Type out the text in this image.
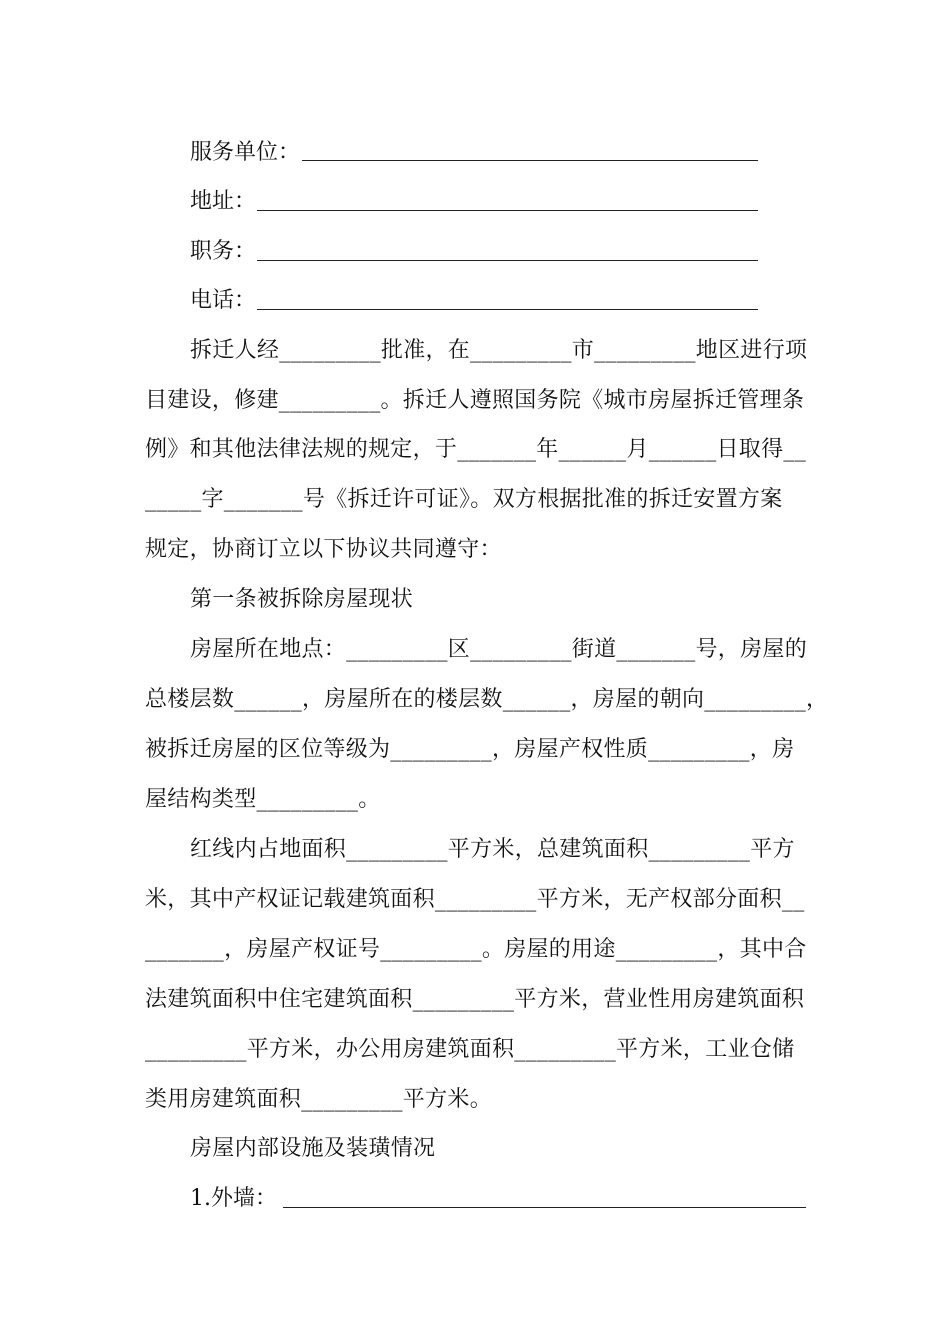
服务单位：
地址：
职务：
电话：
拆迁人经_________批准，在_________市_________地区进行项
目建设，修建_________。拆迁人遵照国务院《城市房屋拆迁管理条
例》和其他法律法规的规定，于_______年______月______日取得__
_____字_______号《拆迁许可证》。双方根据批准的拆迁安置方案
规定，协商订立以下协议共同遵守：
第一条被拆除房屋现状
房屋所在地点：_________区_________街道_______号，房屋的
总楼层数______，房屋所在的楼层数______，房屋的朝向_________，
被拆迁房屋的区位等级为_________，房屋产权性质_________，房
屋结构类型_________。
红线内占地面积_________平方米，总建筑面积_________平方
米，其中产权证记载建筑面积_________平方米，无产权部分面积__
_______，房屋产权证号_________。房屋的用途_________，其中合
法建筑面积中住宅建筑面积_________平方米，营业性用房建筑面积
_________平方米，办公用房建筑面积_________平方米，工业仓储
类用房建筑面积_________平方米。
房屋内部设施及装璜情况
1.外墙：
